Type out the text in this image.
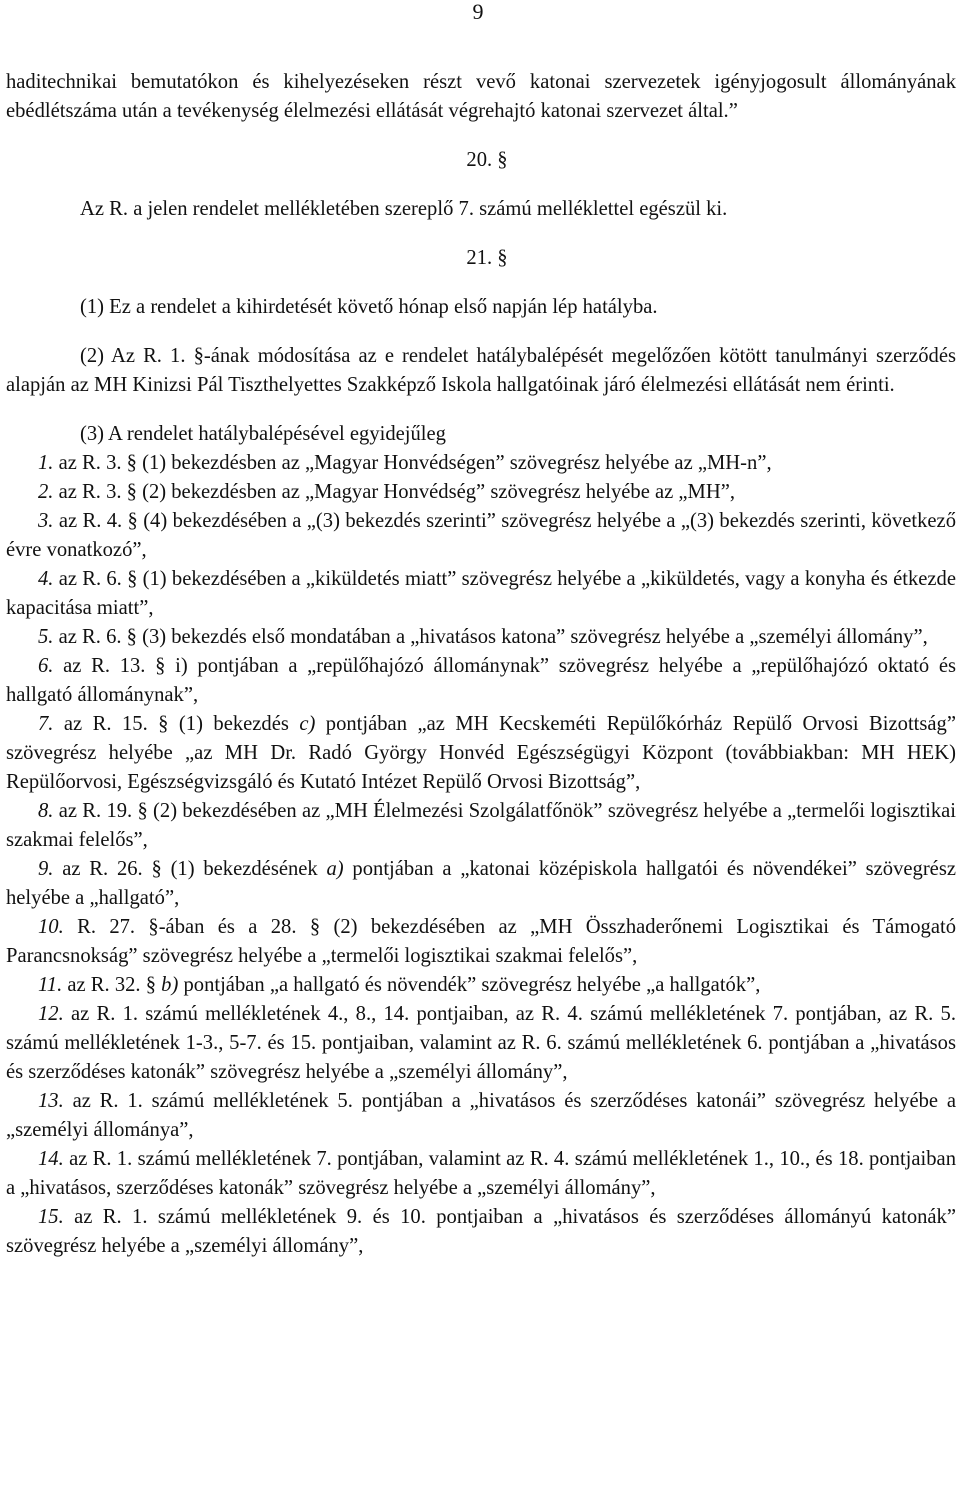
9

haditechnikai bemutatókon és kihelyezéseken részt vevő katonai szervezetek igényjogosult állományának ebédlétszáma után a tevékenység élelmezési ellátását végrehajtó katonai szervezet által.”

20. §

Az R. a jelen rendelet mellékletében szereplő 7. számú melléklettel egészül ki.

21. §

(1) Ez a rendelet a kihirdetését követő hónap első napján lép hatályba.

(2) Az R. 1. §-ának módosítása az e rendelet hatálybalépését megelőzően kötött tanulmányi szerződés alapján az MH Kinizsi Pál Tiszthelyettes Szakképző Iskola hallgatóinak járó élelmezési ellátását nem érinti.

(3) A rendelet hatálybalépésével egyidejűleg

1. az R. 3. § (1) bekezdésben az „Magyar Honvédségen” szövegrész helyébe az „MH-n”,

2. az R. 3. § (2) bekezdésben az „Magyar Honvédség” szövegrész helyébe az „MH”,

3. az R. 4. § (4) bekezdésében a „(3) bekezdés szerinti” szövegrész helyébe a „(3) bekezdés szerinti, következő évre vonatkozó”,

4. az R. 6. § (1) bekezdésében a „kiküldetés miatt” szövegrész helyébe a „kiküldetés, vagy a konyha és étkezde kapacitása miatt”,

5. az R. 6. § (3) bekezdés első mondatában a „hivatásos katona” szövegrész helyébe a „személyi állomány”,

6. az R. 13. § i) pontjában a „repülőhajózó állománynak” szövegrész helyébe a „repülőhajózó oktató és hallgató állománynak”,

7. az R. 15. § (1) bekezdés c) pontjában „az MH Kecskeméti Repülőkórház Repülő Orvosi Bizottság” szövegrész helyébe „az MH Dr. Radó György Honvéd Egészségügyi Központ (továbbiakban: MH HEK) Repülőorvosi, Egészségvizsgáló és Kutató Intézet Repülő Orvosi Bizottság”,

8. az R. 19. § (2) bekezdésében az „MH Élelmezési Szolgálatfőnök” szövegrész helyébe a „termelői logisztikai szakmai felelős”,

9. az R. 26. § (1) bekezdésének a) pontjában a „katonai középiskola hallgatói és növendékei” szövegrész helyébe a „hallgató”,

10. R. 27. §-ában és a 28. § (2) bekezdésében az „MH Összhaderőnemi Logisztikai és Támogató Parancsnokság” szövegrész helyébe a „termelői logisztikai szakmai felelős”,

11. az R. 32. § b) pontjában „a hallgató és növendék” szövegrész helyébe „a hallgatók”,

12. az R. 1. számú mellékletének 4., 8., 14. pontjaiban, az R. 4. számú mellékletének 7. pontjában, az R. 5. számú mellékletének 1-3., 5-7. és 15. pontjaiban, valamint az R. 6. számú mellékletének 6. pontjában a „hivatásos és szerződéses katonák” szövegrész helyébe a „személyi állomány”,

13. az R. 1. számú mellékletének 5. pontjában a „hivatásos és szerződéses katonái” szövegrész helyébe a „személyi állománya”,

14. az R. 1. számú mellékletének 7. pontjában, valamint az R. 4. számú mellékletének 1., 10., és 18. pontjaiban a „hivatásos, szerződéses katonák” szövegrész helyébe a „személyi állomány”,

15. az R. 1. számú mellékletének 9. és 10. pontjaiban a „hivatásos és szerződéses állományú katonák” szövegrész helyébe a „személyi állomány”,
